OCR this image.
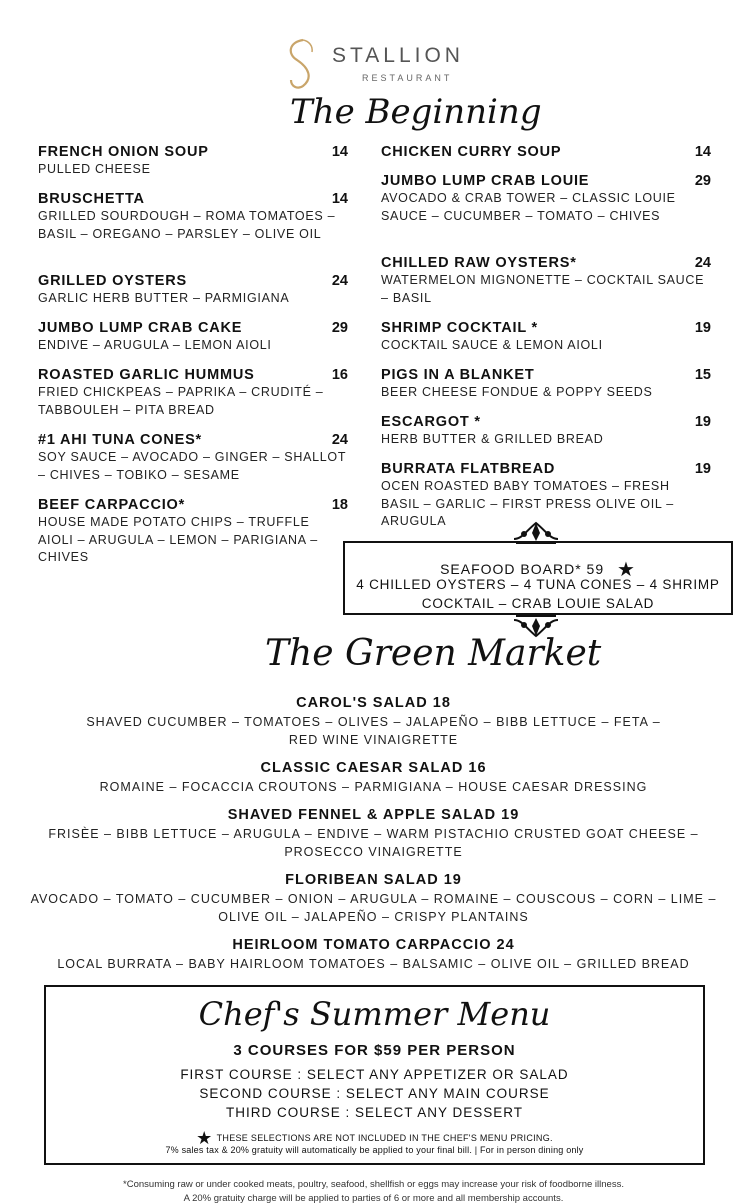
STALLION
RESTAURANT
The Beginning
FRENCH ONION SOUP	14
PULLED CHEESE
BRUSCHETTA	14
GRILLED SOURDOUGH – ROMA TOMATOES – BASIL – OREGANO – PARSLEY – OLIVE OIL
GRILLED OYSTERS	24
GARLIC HERB BUTTER – PARMIGIANA
JUMBO LUMP CRAB CAKE	29
ENDIVE – ARUGULA – LEMON AIOLI
ROASTED GARLIC HUMMUS	16
FRIED CHICKPEAS – PAPRIKA – CRUDITÉ – TABBOULEH – PITA BREAD
#1 AHI TUNA CONES*	24
SOY SAUCE – AVOCADO – GINGER – SHALLOT – CHIVES – TOBIKO – SESAME
BEEF CARPACCIO*	18
HOUSE MADE POTATO CHIPS – TRUFFLE AIOLI – ARUGULA – LEMON – PARIGIANA – CHIVES
CHICKEN CURRY SOUP	14
JUMBO LUMP CRAB LOUIE	29
AVOCADO & CRAB TOWER – CLASSIC LOUIE SAUCE – CUCUMBER – TOMATO – CHIVES
CHILLED RAW OYSTERS*	24
WATERMELON MIGNONETTE – COCKTAIL SAUCE – BASIL
SHRIMP COCKTAIL *	19
COCKTAIL SAUCE & LEMON AIOLI
PIGS IN A BLANKET	15
BEER CHEESE FONDUE & POPPY SEEDS
ESCARGOT *	19
HERB BUTTER & GRILLED BREAD
BURRATA FLATBREAD	19
OCEN ROASTED BABY TOMATOES – FRESH BASIL – GARLIC – FIRST PRESS OLIVE OIL – ARUGULA
SEAFOOD BOARD* 59 ★
4 CHILLED OYSTERS – 4 TUNA CONES – 4 SHRIMP COCKTAIL – CRAB LOUIE SALAD
The Green Market
CAROL'S SALAD 18
SHAVED CUCUMBER – TOMATOES – OLIVES – JALAPEÑO – BIBB LETTUCE – FETA – RED WINE VINAIGRETTE
CLASSIC CAESAR SALAD 16
ROMAINE – FOCACCIA CROUTONS – PARMIGIANA – HOUSE CAESAR DRESSING
SHAVED FENNEL & APPLE SALAD 19
FRISÈE – BIBB LETTUCE – ARUGULA – ENDIVE – WARM PISTACHIO CRUSTED GOAT CHEESE – PROSECCO VINAIGRETTE
FLORIBEAN SALAD 19
AVOCADO – TOMATO – CUCUMBER – ONION – ARUGULA – ROMAINE – COUSCOUS – CORN – LIME – OLIVE OIL – JALAPEÑO – CRISPY PLANTAINS
HEIRLOOM TOMATO CARPACCIO 24
LOCAL BURRATA – BABY HAIRLOOM TOMATOES – BALSAMIC – OLIVE OIL – GRILLED BREAD
Chef's Summer Menu
3 COURSES FOR $59 PER PERSON
FIRST COURSE : SELECT ANY APPETIZER OR SALAD
SECOND COURSE : SELECT ANY MAIN COURSE
THIRD COURSE : SELECT ANY DESSERT
★ THESE SELECTIONS ARE NOT INCLUDED IN THE CHEF'S MENU PRICING.
7% sales tax & 20% gratuity will automatically be applied to your final bill. | For in person dining only
*Consuming raw or under cooked meats, poultry, seafood, shellfish or eggs may increase your risk of foodborne illness.
A 20% gratuity charge will be applied to parties of 6 or more and all membership accounts.
